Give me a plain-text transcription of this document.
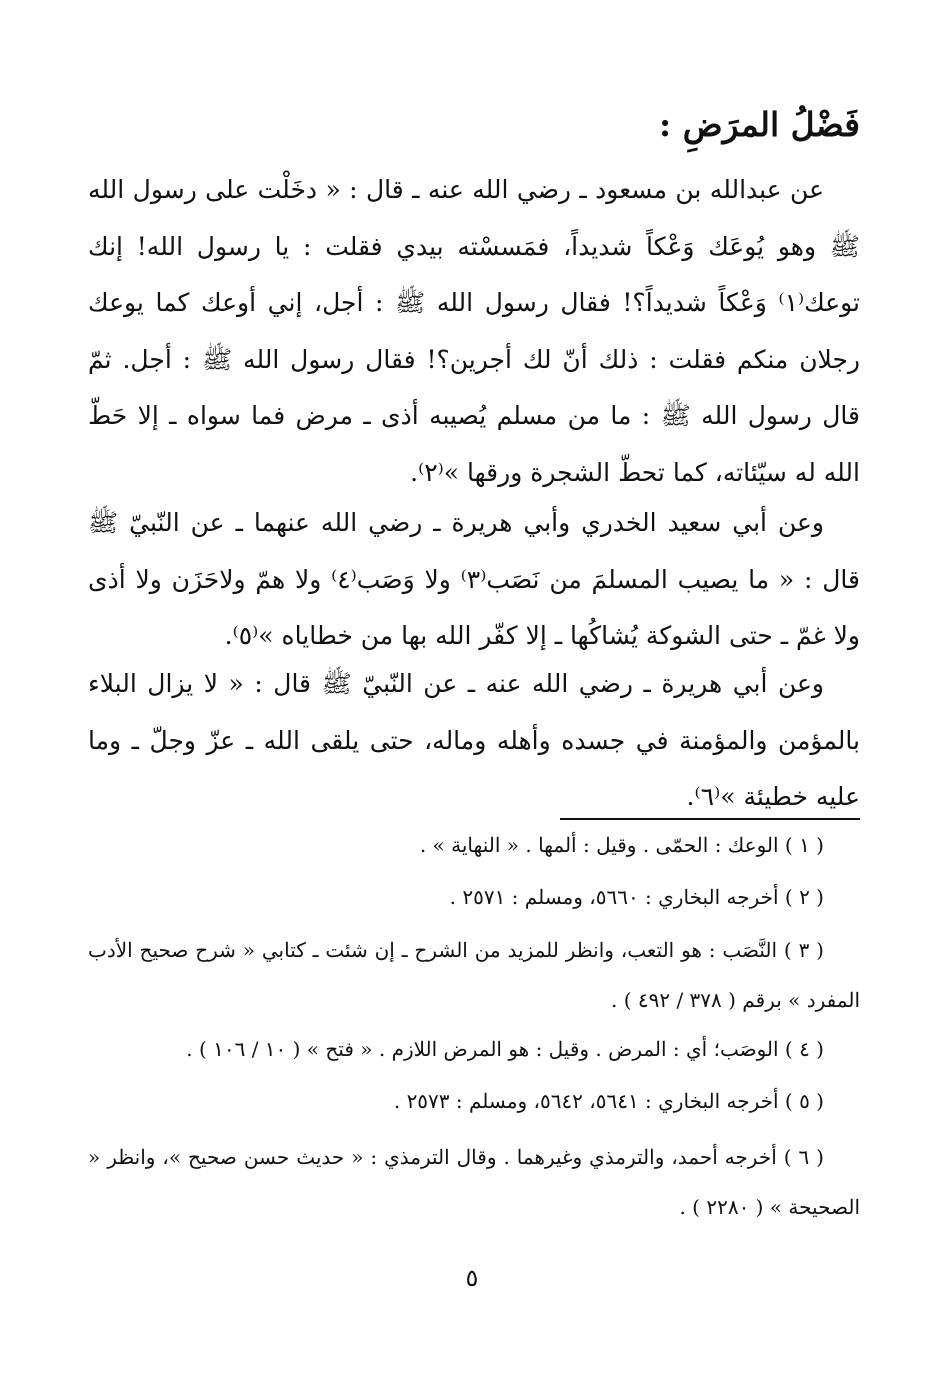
فَضْلُ المرَضِ :

عن عبدالله بن مسعود ـ رضي الله عنه ـ قال : « دخَلْت على رسول الله ﷺ وهو يُوعَك وَعْكاً شديداً، فمَسسْته بيدي فقلت : يا رسول الله! إنك توعك⁽١⁾ وَعْكاً شديداً؟! فقال رسول الله ﷺ : أجل، إني أوعك كما يوعك رجلان منكم فقلت : ذلك أنّ لك أجرين؟! فقال رسول الله ﷺ : أجل. ثمّ قال رسول الله ﷺ : ما من مسلم يُصيبه أذى ـ مرض فما سواه ـ إلا حَطّ الله له سيّئاته، كما تحطّ الشجرة ورقها »⁽٢⁾.

وعن أبي سعيد الخدري وأبي هريرة ـ رضي الله عنهما ـ عن النّبيّ ﷺ قال : « ما يصيب المسلمَ من نَصَب⁽٣⁾ ولا وَصَب⁽٤⁾ ولا همّ ولاحَزَن ولا أذى ولا غمّ ـ حتى الشوكة يُشاكُها ـ إلا كفّر الله بها من خطاياه »⁽٥⁾.

وعن أبي هريرة ـ رضي الله عنه ـ عن النّبيّ ﷺ قال : « لا يزال البلاء بالمؤمن والمؤمنة في جسده وأهله وماله، حتى يلقى الله ـ عزّ وجلّ ـ وما عليه خطيئة »⁽٦⁾.

( ١ ) الوعك : الحمّى . وقيل : ألمها . « النهاية » .

( ٢ ) أخرجه البخاري : ٥٦٦٠، ومسلم : ٢٥٧١ .

( ٣ ) النَّصَب : هو التعب، وانظر للمزيد من الشرح ـ إن شئت ـ كتابي « شرح صحيح الأدب المفرد » برقم ( ٣٧٨ / ٤٩٢ ) .

( ٤ ) الوصَب؛ أي : المرض . وقيل : هو المرض اللازم . « فتح » ( ١٠ / ١٠٦ ) .

( ٥ ) أخرجه البخاري : ٥٦٤١، ٥٦٤٢، ومسلم : ٢٥٧٣ .

( ٦ ) أخرجه أحمد، والترمذي وغيرهما . وقال الترمذي : « حديث حسن صحيح »، وانظر « الصحيحة » ( ٢٢٨٠ ) .

٥
